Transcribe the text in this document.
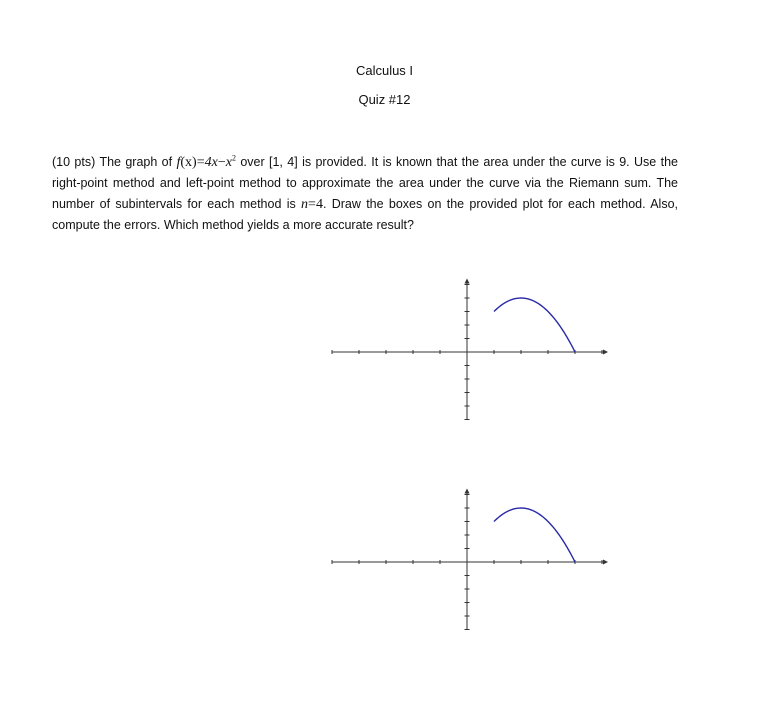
Calculus I
Quiz #12
(10 pts) The graph of $f(x)=4x-x^2$ over [1, 4] is provided. It is known that the area under the curve is 9. Use the right-point method and left-point method to approximate the area under the curve via the Riemann sum. The number of subintervals for each method is n=4. Draw the boxes on the provided plot for each method. Also, compute the errors. Which method yields a more accurate result?
